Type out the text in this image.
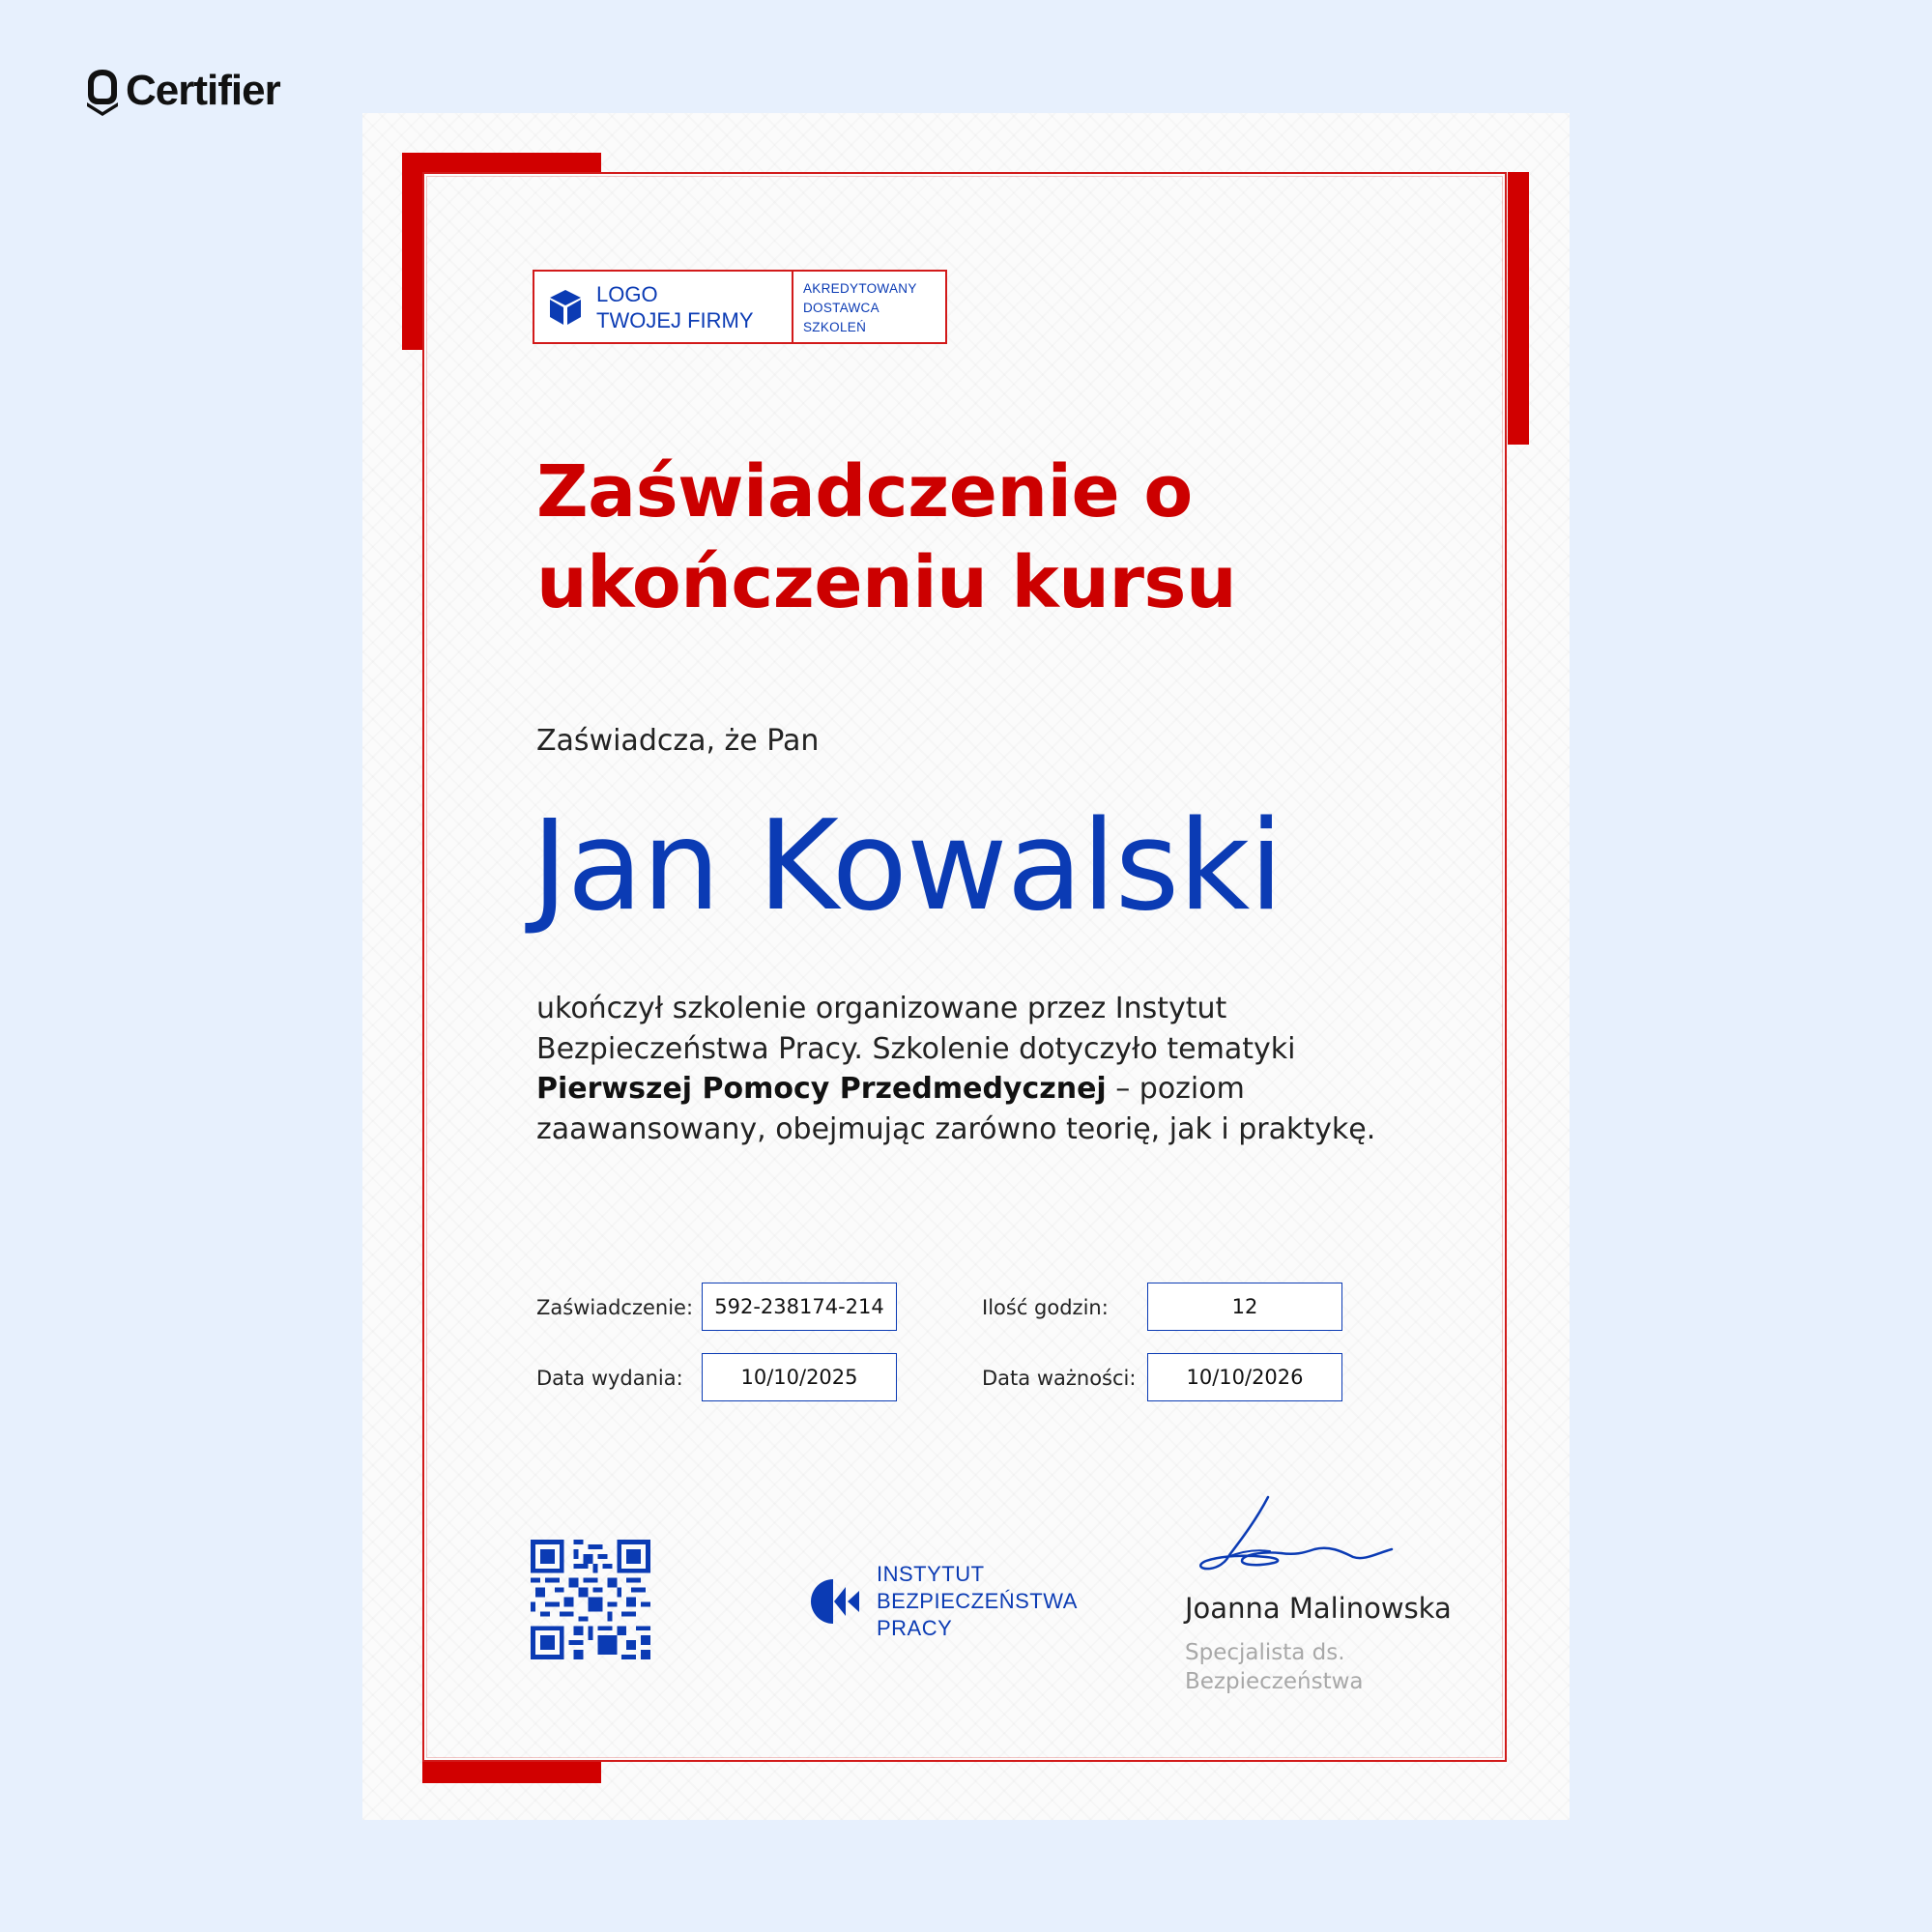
Certifier
LOGO
TWOJEJ FIRMY
AKREDYTOWANY
DOSTAWCA
SZKOLEŃ
Zaświadczenie o
ukończeniu kursu
Zaświadcza, że Pan
Jan Kowalski
ukończył szkolenie organizowane przez Instytut Bezpieczeństwa Pracy. Szkolenie dotyczyło tematyki Pierwszej Pomocy Przedmedycznej – poziom zaawansowany, obejmując zarówno teorię, jak i praktykę.
Zaświadczenie:	592-238174-214	Ilość godzin:	12
Data wydania:	10/10/2025	Data ważności:	10/10/2026
INSTYTUT
BEZPIECZEŃSTWA
PRACY
Joanna Malinowska
Specjalista ds. Bezpieczeństwa
